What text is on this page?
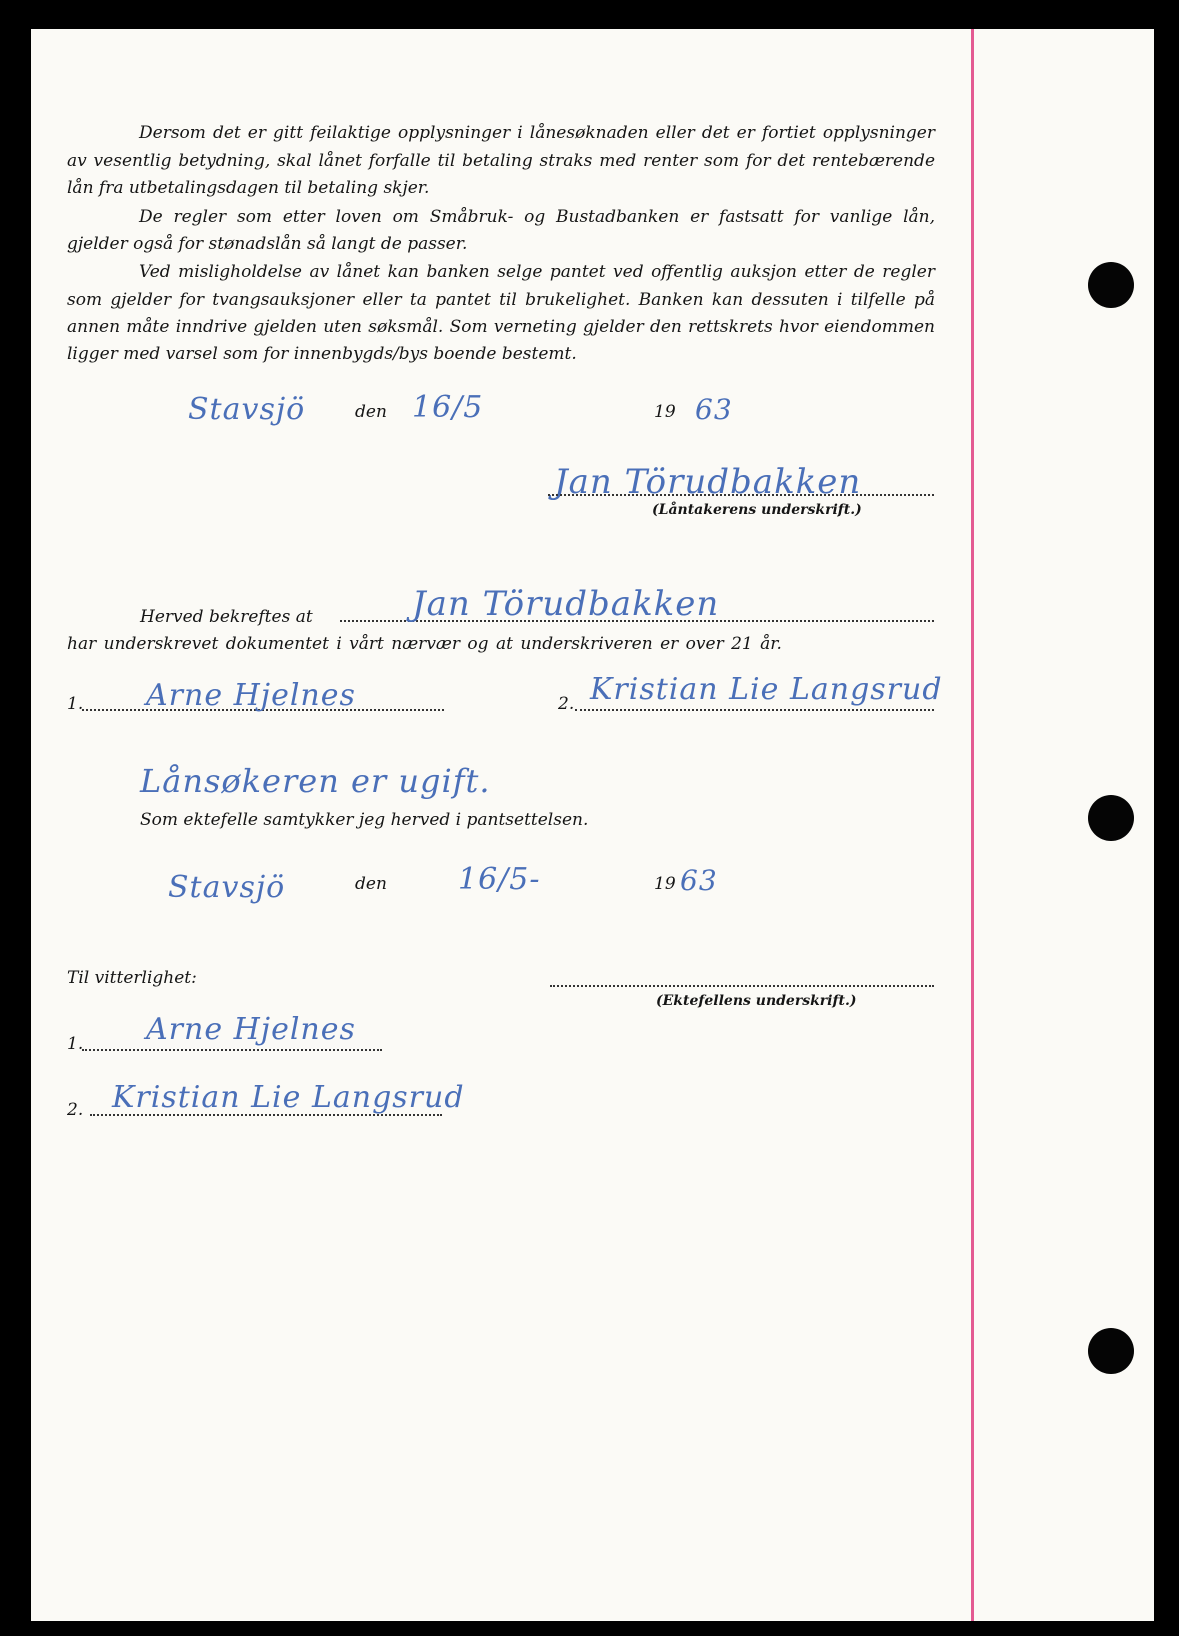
Dersom det er gitt feilaktige opplysninger i lånesøknaden eller det er fortiet opplysninger

av vesentlig betydning, skal lånet forfalle til betaling straks med renter som for det rentebærende

lån fra utbetalingsdagen til betaling skjer.

De regler som etter loven om Småbruk- og Bustadbanken er fastsatt for vanlige lån,

gjelder også for stønadslån så langt de passer.

Ved misligholdelse av lånet kan banken selge pantet ved offentlig auksjon etter de regler

som gjelder for tvangsauksjoner eller ta pantet til brukelighet. Banken kan dessuten i tilfelle på

annen måte inndrive gjelden uten søksmål. Som verneting gjelder den rettskrets hvor eiendommen

ligger med varsel som for innenbygds/bys boende bestemt.

Stavsjö	den 16/5	19 63
Jan Törudbakken
(Låntakerens underskrift.)
Herved bekreftes at	Jan Törudbakken
har underskrevet dokumentet i vårt nærvær og at underskriveren er over 21 år.
1. Arne Hjelnes	2. Kristian Lie Langsrud
Lånsøkeren er ugift.
Som ektefelle samtykker jeg herved i pantsettelsen.
Stavsjö	den 16/5-	19 63
(Ektefellens underskrift.)
Til vitterlighet:
1. Arne Hjelnes
2. Kristian Lie Langsrud
